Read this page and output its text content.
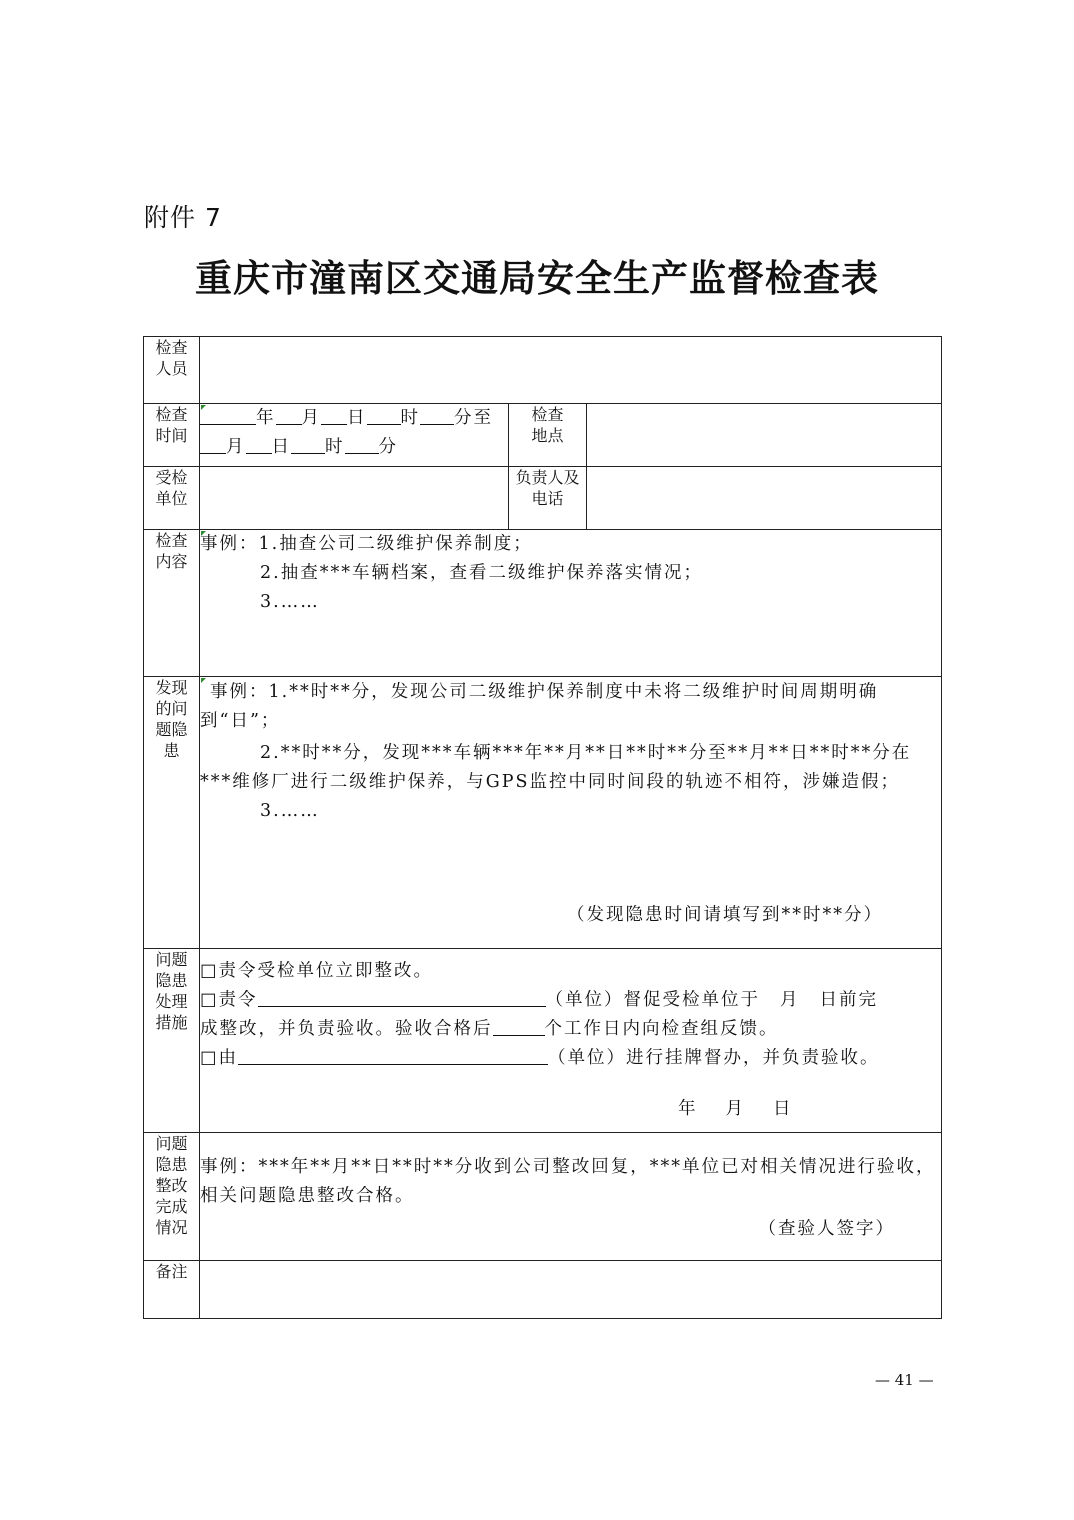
附件 7
重庆市潼南区交通局安全生产监督检查表
检查人员			
检查时间	年 月 日 时 分至
月 日 时 分	检查地点	
受检单位		负责人及电话	
检查内容	事例：1.抽查公司二级维护保养制度；
2.抽查***车辆档案，查看二级维护保养落实情况；
3.……		

发现的问题隐患	事例：1.**时**分，发现公司二级维护保养制度中未将二级维护时间周期明确到“日”；
2.**时**分，发现***车辆***年**月**日**时**分至**月**日**时**分在***维修厂进行二级维护保养，与GPS监控中同时间段的轨迹不相符，涉嫌造假；
3.……
（发现隐患时间请填写到**时**分）		

问题隐患处理措施	□责令受检单位立即整改。
□责令 （单位）督促受检单位于 月 日前完
成整改，并负责验收。验收合格后 个工作日内向检查组反馈。
□由 （单位）进行挂牌督办，并负责验收。
年 月 日		

问题隐患整改完成情况	事例：***年**月**日**时**分收到公司整改回复，***单位已对相关情况进行验收，相关问题隐患整改合格。
（查验人签字）		

备注			
— 41 —
